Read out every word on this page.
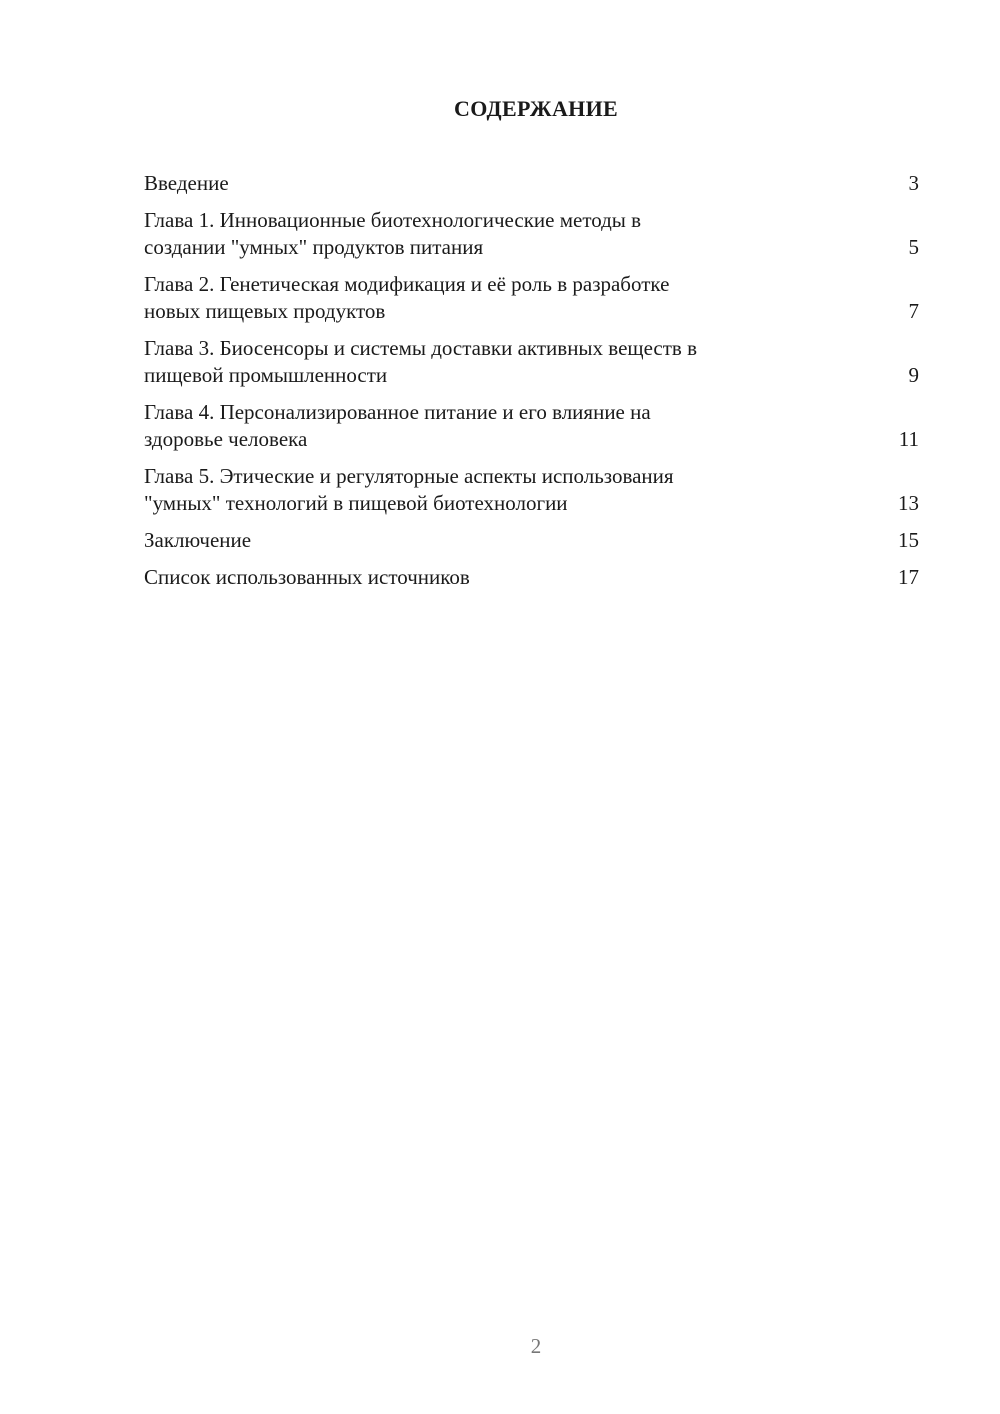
СОДЕРЖАНИЕ
Введение	3
Глава 1. Инновационные биотехнологические методы в
создании "умных" продуктов питания	5
Глава 2. Генетическая модификация и её роль в разработке
новых пищевых продуктов	7
Глава 3. Биосенсоры и системы доставки активных веществ в
пищевой промышленности	9
Глава 4. Персонализированное питание и его влияние на
здоровье человека	11
Глава 5. Этические и регуляторные аспекты использования
"умных" технологий в пищевой биотехнологии	13
Заключение	15
Список использованных источников	17
2
